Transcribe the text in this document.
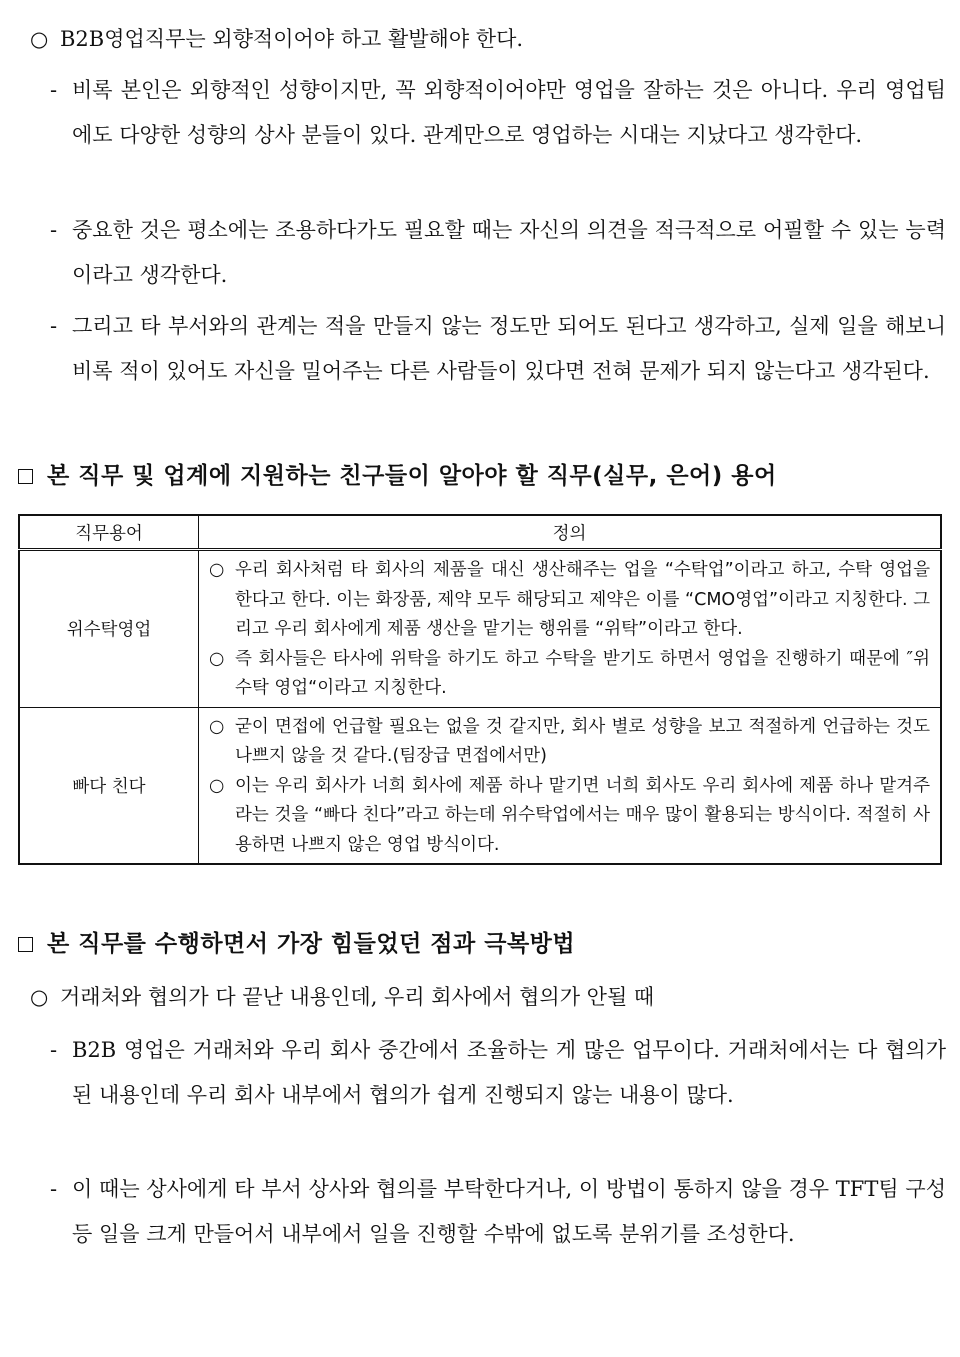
○ B2B영업직무는 외향적이어야 하고 활발해야 한다.
- 비록 본인은 외향적인 성향이지만, 꼭 외향적이어야만 영업을 잘하는 것은 아니다. 우리 영업팀에도 다양한 성향의 상사 분들이 있다. 관계만으로 영업하는 시대는 지났다고 생각한다.
- 중요한 것은 평소에는 조용하다가도 필요할 때는 자신의 의견을 적극적으로 어필할 수 있는 능력이라고 생각한다.
- 그리고 타 부서와의 관계는 적을 만들지 않는 정도만 되어도 된다고 생각하고, 실제 일을 해보니 비록 적이 있어도 자신을 밀어주는 다른 사람들이 있다면 전혀 문제가 되지 않는다고 생각된다.
본 직무 및 업계에 지원하는 친구들이 알아야 할 직무(실무, 은어) 용어
직무용어	정의
위수탁영업	○ 우리 회사처럼 타 회사의 제품을 대신 생산해주는 업을 “수탁업”이라고 하고, 수탁 영업을 한다고 한다. 이는 화장품, 제약 모두 해당되고 제약은 이를 “CMO영업”이라고 지칭한다. 그리고 우리 회사에게 제품 생산을 맡기는 행위를 “위탁”이라고 한다.
○ 즉 회사들은 타사에 위탁을 하기도 하고 수탁을 받기도 하면서 영업을 진행하기 때문에 ″위수탁 영업“이라고 지칭한다.

빠다 친다	○ 굳이 면접에 언급할 필요는 없을 것 같지만, 회사 별로 성향을 보고 적절하게 언급하는 것도 나쁘지 않을 것 같다.(팀장급 면접에서만)
○ 이는 우리 회사가 너희 회사에 제품 하나 맡기면 너희 회사도 우리 회사에 제품 하나 맡겨주라는 것을 “빠다 친다”라고 하는데 위수탁업에서는 매우 많이 활용되는 방식이다. 적절히 사용하면 나쁘지 않은 영업 방식이다.
본 직무를 수행하면서 가장 힘들었던 점과 극복방법
○ 거래처와 협의가 다 끝난 내용인데, 우리 회사에서 협의가 안될 때
- B2B 영업은 거래처와 우리 회사 중간에서 조율하는 게 많은 업무이다. 거래처에서는 다 협의가 된 내용인데 우리 회사 내부에서 협의가 쉽게 진행되지 않는 내용이 많다.
- 이 때는 상사에게 타 부서 상사와 협의를 부탁한다거나, 이 방법이 통하지 않을 경우 TFT팀 구성 등 일을 크게 만들어서 내부에서 일을 진행할 수밖에 없도록 분위기를 조성한다.
